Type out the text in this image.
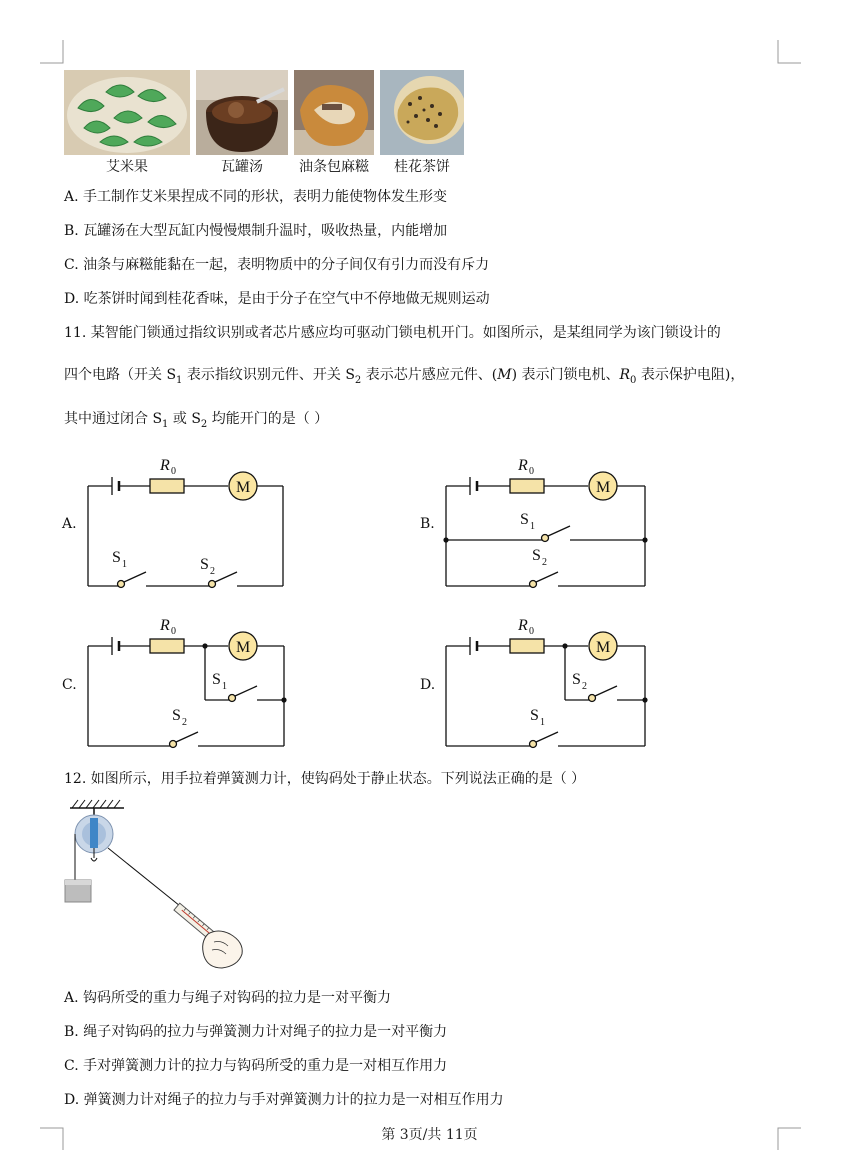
艾米果	瓦罐汤	油条包麻糍	桂花茶饼
A. 手工制作艾米果捏成不同的形状，表明力能使物体发生形变
B. 瓦罐汤在大型瓦缸内慢慢煨制升温时，吸收热量，内能增加
C. 油条与麻糍能黏在一起，表明物质中的分子间仅有引力而没有斥力
D. 吃茶饼时闻到桂花香味，是由于分子在空气中不停地做无规则运动
11. 某智能门锁通过指纹识别或者芯片感应均可驱动门锁电机开门。如图所示，是某组同学为该门锁设计的
四个电路（开关 $S_1$ 表示指纹识别元件、开关 $S_2$ 表示芯片感应元件、(M) 表示门锁电机、$R_0$ 表示保护电阻)，
其中通过闭合 $S_1$ 或 $S_2$ 均能开门的是（ ）
A.	B.
C.	D.
R 0
M
S 1	S 2
R 0
M
S 1
S 2
R 0
M
S 1
S 2
R 0
M
S 2
S 1
12. 如图所示，用手拉着弹簧测力计，使钩码处于静止状态。下列说法正确的是（ ）
A. 钩码所受的重力与绳子对钩码的拉力是一对平衡力
B. 绳子对钩码的拉力与弹簧测力计对绳子的拉力是一对平衡力
C. 手对弹簧测力计的拉力与钩码所受的重力是一对相互作用力
D. 弹簧测力计对绳子的拉力与手对弹簧测力计的拉力是一对相互作用力
第 3页/共 11页
